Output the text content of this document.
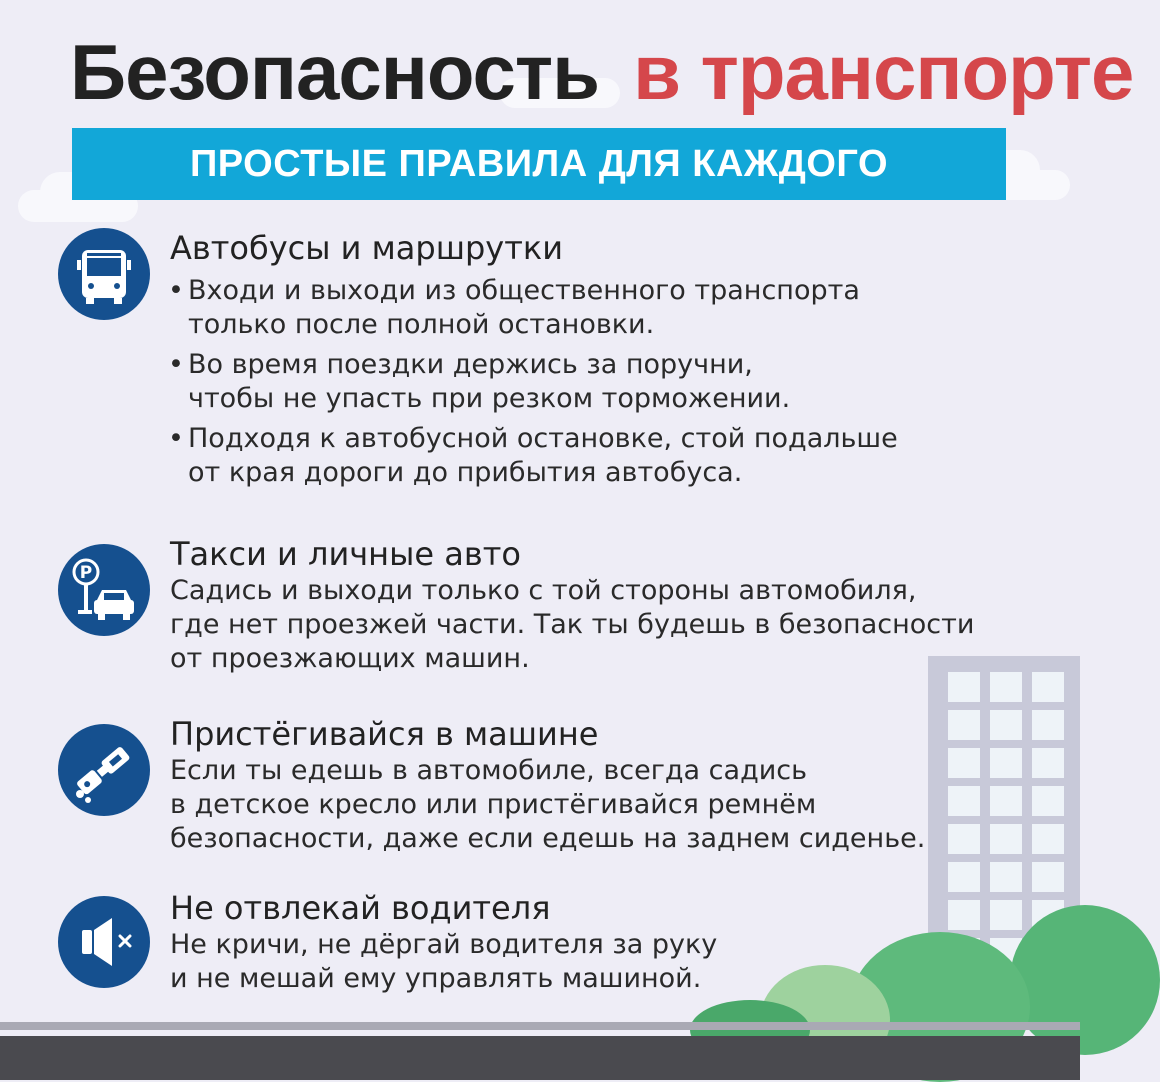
Безопасность в транспорте
ПРОСТЫЕ ПРАВИЛА ДЛЯ КАЖДОГО
Автобусы и маршрутки
• Входи и выходи из общественного транспорта
только после полной остановки.
• Во время поездки держись за поручни,
чтобы не упасть при резком торможении.
• Подходя к автобусной остановке, стой подальше
от края дороги до прибытия автобуса.
P Такси и личные авто
Садись и выходи только с той стороны автомобиля,
где нет проезжей части. Так ты будешь в безопасности
от проезжающих машин.
Пристёгивайся в машине
Если ты едешь в автомобиле, всегда садись
в детское кресло или пристёгивайся ремнём
безопасности, даже если едешь на заднем сиденье.
Не отвлекай водителя
Не кричи, не дёргай водителя за руку
и не мешай ему управлять машиной.
